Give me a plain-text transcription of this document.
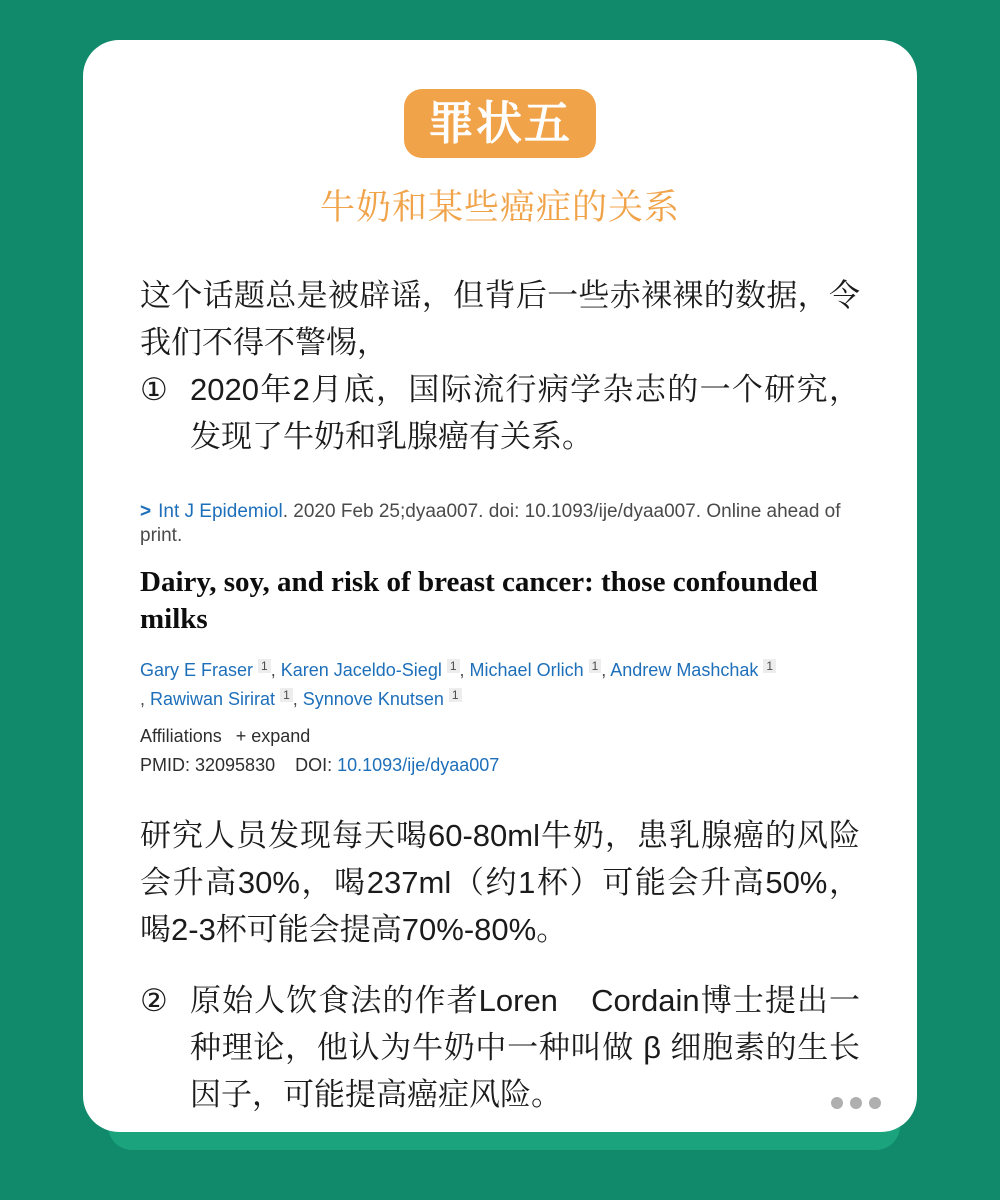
罪状五
牛奶和某些癌症的关系
这个话题总是被辟谣，但背后一些赤裸裸的数据，令我们不得不警惕，
① 2020年2月底，国际流行病学杂志的一个研究，发现了牛奶和乳腺癌有关系。
> Int J Epidemiol. 2020 Feb 25;dyaa007. doi: 10.1093/ije/dyaa007. Online ahead of print.
Dairy, soy, and risk of breast cancer: those confounded milks
Gary E Fraser 1 , Karen Jaceldo-Siegl 1 , Michael Orlich 1 , Andrew Mashchak 1, Rawiwan Sirirat 1 , Synnove Knutsen 1
Affiliations + expand
PMID: 32095830 DOI: 10.1093/ije/dyaa007
研究人员发现每天喝60-80ml牛奶，患乳腺癌的风险会升高30%，喝237ml（约1杯）可能会升高50%，喝2-3杯可能会提高70%-80%。
② 原始人饮食法的作者Loren　Cordain博士提出一种理论，他认为牛奶中一种叫做 β 细胞素的生长因子，可能提高癌症风险。
